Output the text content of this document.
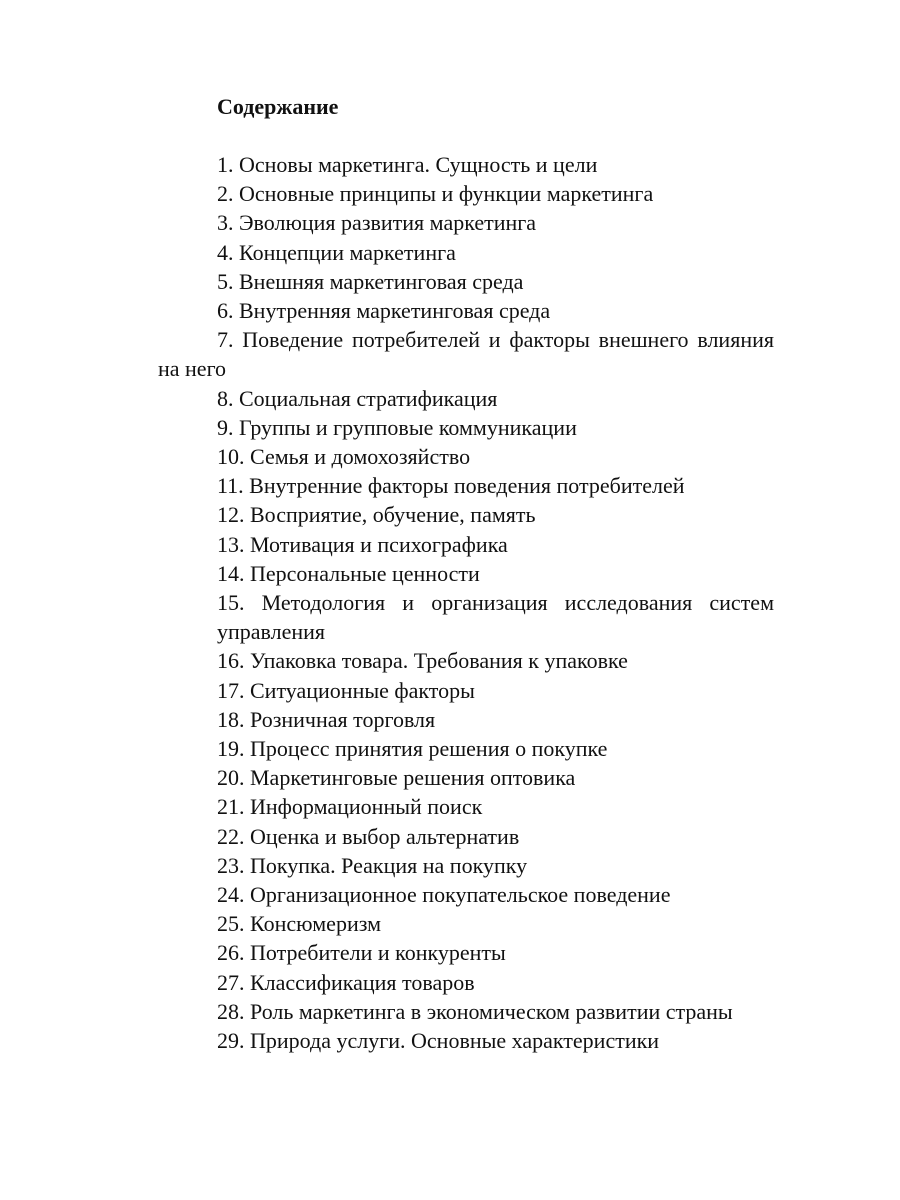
Содержание
1. Основы маркетинга. Сущность и цели
2. Основные принципы и функции маркетинга
3. Эволюция развития маркетинга
4. Концепции маркетинга
5. Внешняя маркетинговая среда
6. Внутренняя маркетинговая среда
7. Поведение потребителей и факторы внешнего влияния на него
8. Социальная стратификация
9. Группы и групповые коммуникации
10. Семья и домохозяйство
11. Внутренние факторы поведения потребителей
12. Восприятие, обучение, память
13. Мотивация и психографика
14. Персональные ценности
15. Методология и организация исследования систем управления
16. Упаковка товара. Требования к упаковке
17. Ситуационные факторы
18. Розничная торговля
19. Процесс принятия решения о покупке
20. Маркетинговые решения оптовика
21. Информационный поиск
22. Оценка и выбор альтернатив
23. Покупка. Реакция на покупку
24. Организационное покупательское поведение
25. Консюмеризм
26. Потребители и конкуренты
27. Классификация товаров
28. Роль маркетинга в экономическом развитии страны
29. Природа услуги. Основные характеристики
